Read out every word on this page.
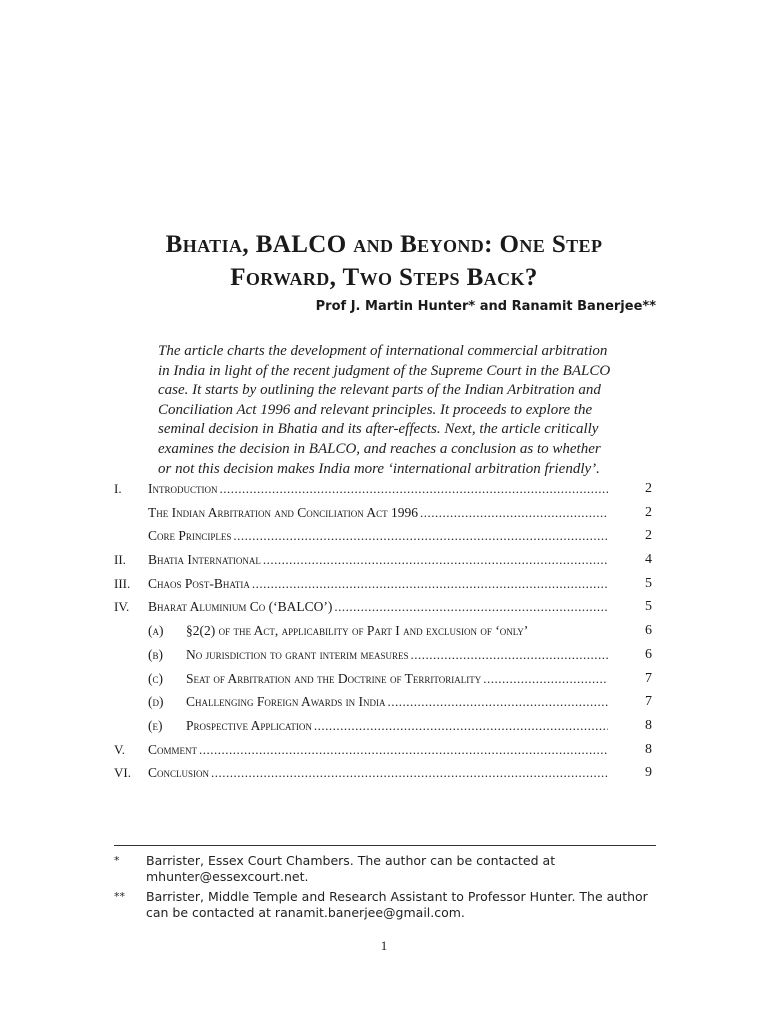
Bhatia, BALCO and Beyond: One Step
Forward, Two Steps Back?
Prof J. Martin Hunter* and Ranamit Banerjee**
The article charts the development of international commercial arbitration
in India in light of the recent judgment of the Supreme Court in the BALCO
case. It starts by outlining the relevant parts of the Indian Arbitration and
Conciliation Act 1996 and relevant principles. It proceeds to explore the
seminal decision in Bhatia and its after-effects. Next, the article critically
examines the decision in BALCO, and reaches a conclusion as to whether
or not this decision makes India more ‘international arbitration friendly’.
I. Introduction .....	2
The Indian Arbitration and Conciliation Act 1996 .....	2
Core Principles .....	2
II. Bhatia International .....	4
III. Chaos Post-Bhatia .....	5
IV. Bharat Aluminium Co (‘BALCO’) .....	5
(a) §2(2) of the Act, applicability of Part I and exclusion of ‘only’	6
(b) No jurisdiction to grant interim measures .....	6
(c) Seat of Arbitration and the Doctrine of Territoriality .....	7
(d) Challenging Foreign Awards in India .....	7
(e) Prospective Application .....	8
V. Comment .....	8
VI. Conclusion .....	9
* Barrister, Essex Court Chambers. The author can be contacted at mhunter@essexcourt.net.
** Barrister, Middle Temple and Research Assistant to Professor Hunter. The author can be contacted at ranamit.banerjee@gmail.com.
1
